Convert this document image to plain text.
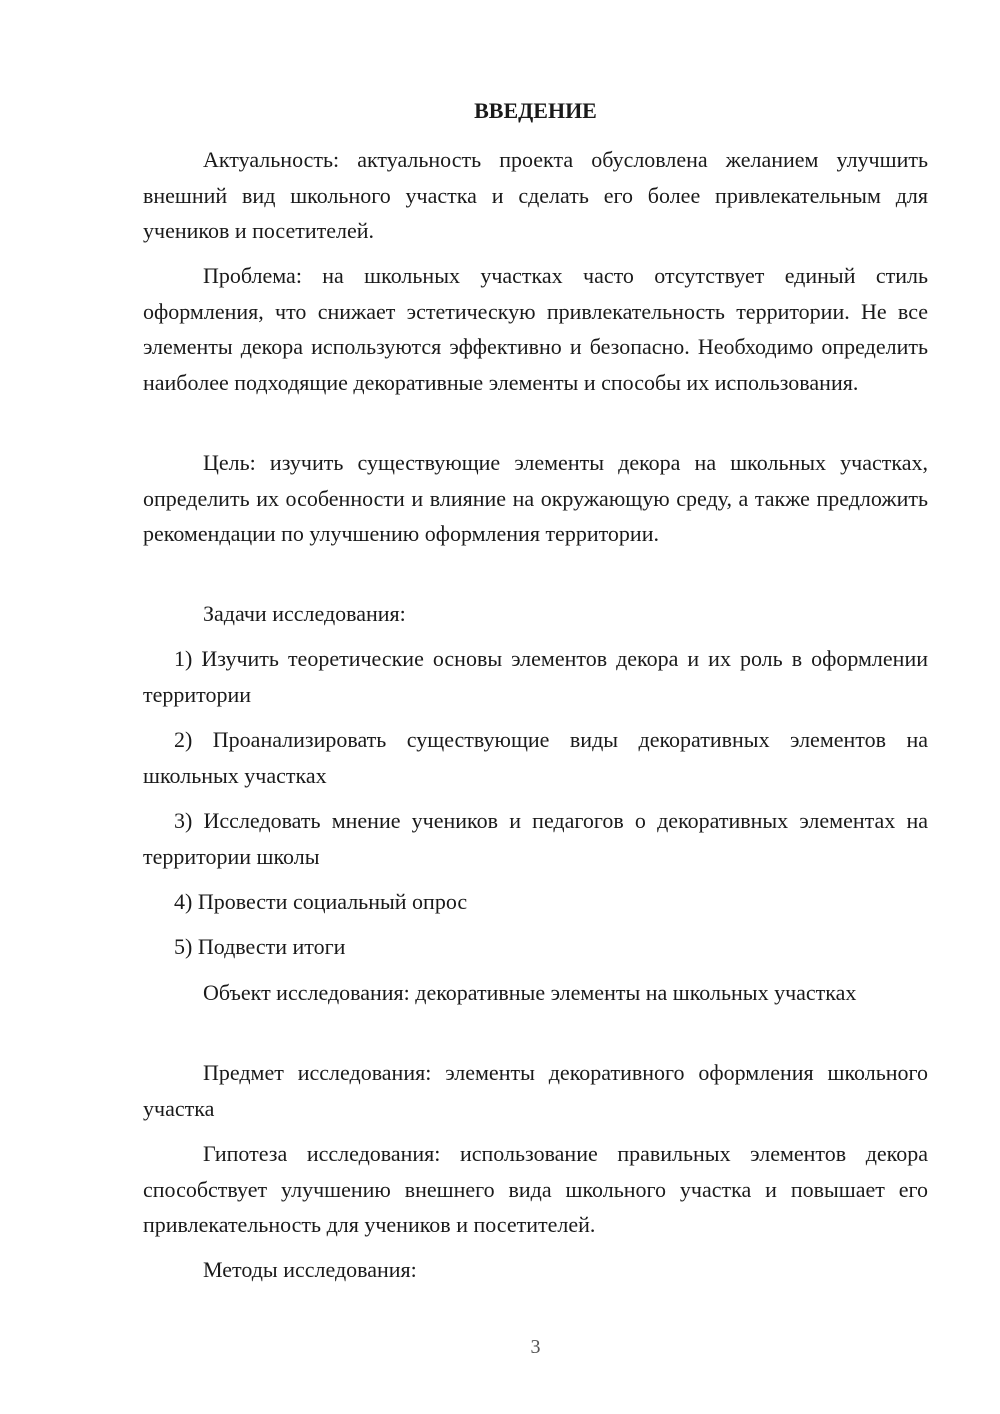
ВВЕДЕНИЕ

Актуальность: актуальность проекта обусловлена желанием улучшить внешний вид школьного участка и сделать его более привлекательным для учеников и посетителей.

Проблема: на школьных участках часто отсутствует единый стиль оформления, что снижает эстетическую привлекательность территории. Не все элементы декора используются эффективно и безопасно. Необходимо определить наиболее подходящие декоративные элементы и способы их использования.

Цель: изучить существующие элементы декора на школьных участках, определить их особенности и влияние на окружающую среду, а также предложить рекомендации по улучшению оформления территории.

Задачи исследования:

1) Изучить теоретические основы элементов декора и их роль в оформлении территории

2) Проанализировать существующие виды декоративных элементов на школьных участках

3) Исследовать мнение учеников и педагогов о декоративных элементах на территории школы

4) Провести социальный опрос

5) Подвести итоги

Объект исследования: декоративные элементы на школьных участках

Предмет исследования: элементы декоративного оформления школьного участка

Гипотеза исследования: использование правильных элементов декора способствует улучшению внешнего вида школьного участка и повышает его привлекательность для учеников и посетителей.

Методы исследования:

3
